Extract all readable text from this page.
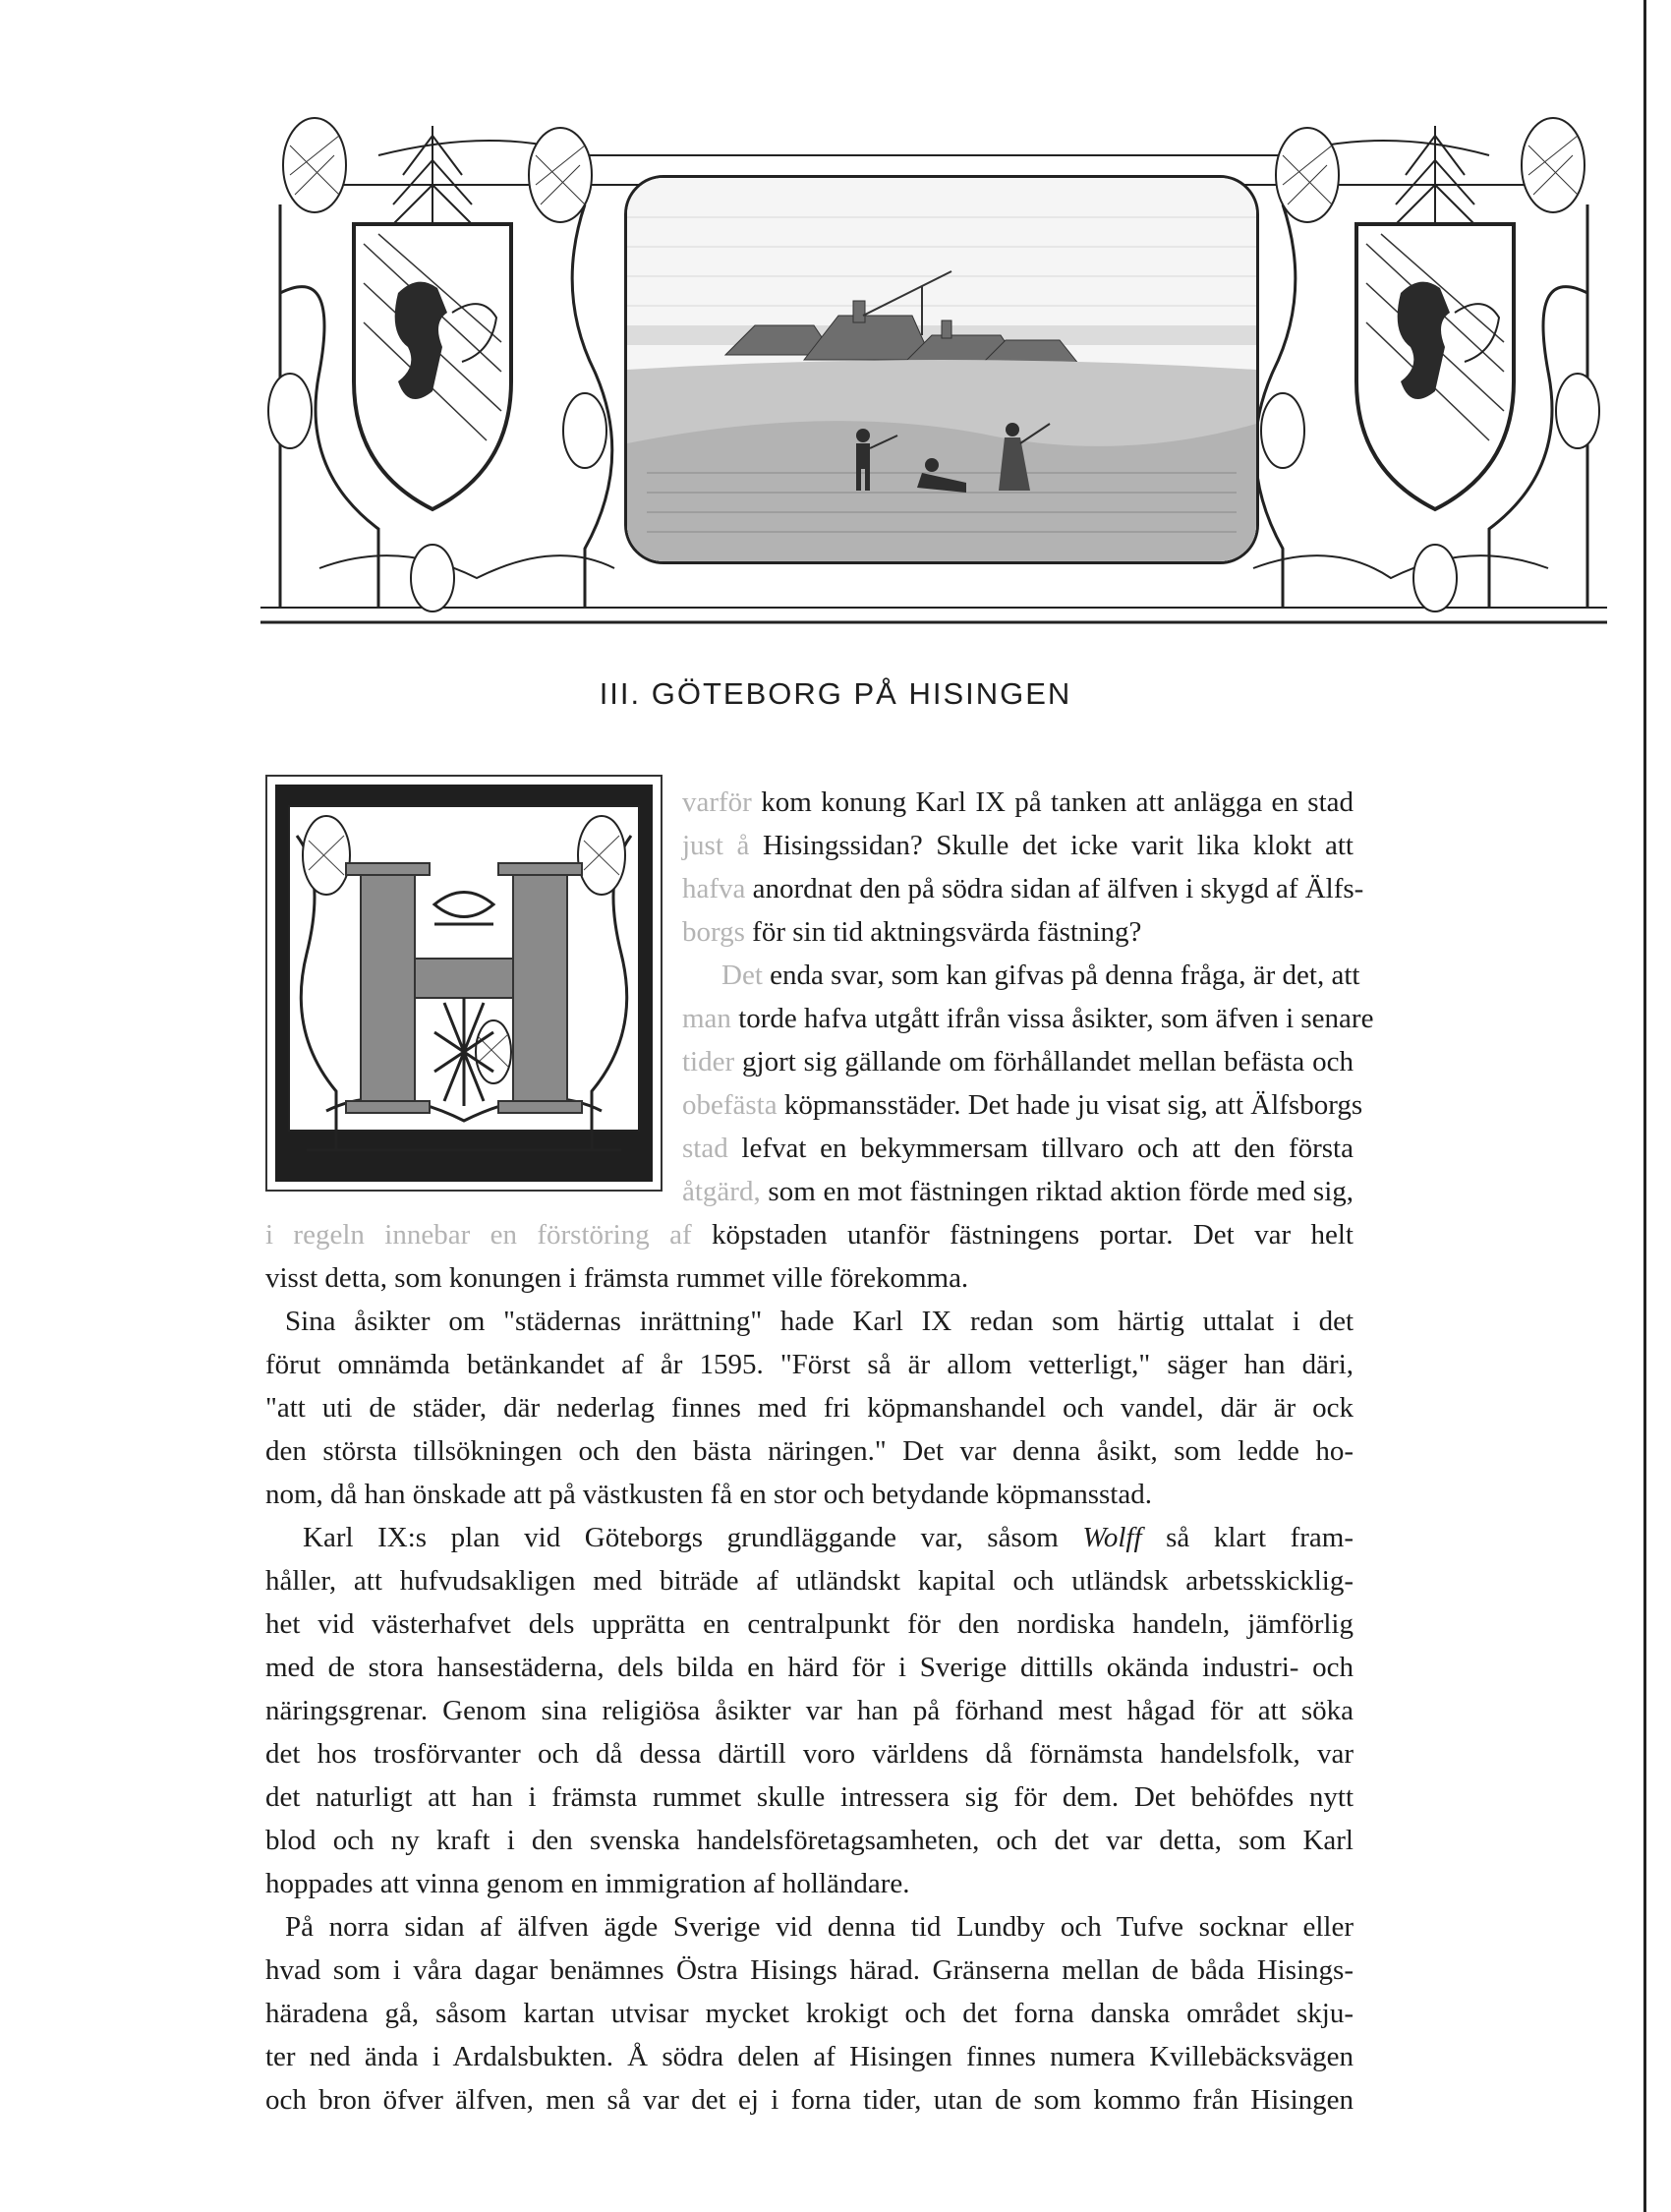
III. GÖTEBORG PÅ HISINGEN
varför kom konung Karl IX på tanken att anlägga en stad
just å Hisingssidan? Skulle det icke varit lika klokt att
hafva anordnat den på södra sidan af älfven i skygd af Älfs-
borgs för sin tid aktningsvärda fästning?
Det enda svar, som kan gifvas på denna fråga, är det, att
man torde hafva utgått ifrån vissa åsikter, som äfven i senare
tider gjort sig gällande om förhållandet mellan befästa och
obefästa köpmansstäder. Det hade ju visat sig, att Älfsborgs
stad lefvat en bekymmersam tillvaro och att den första
åtgärd, som en mot fästningen riktad aktion förde med sig,
i regeln innebar en förstöring af köpstaden utanför fästningens portar. Det var helt
visst detta, som konungen i främsta rummet ville förekomma.
Sina åsikter om "städernas inrättning" hade Karl IX redan som härtig uttalat i det
förut omnämda betänkandet af år 1595. "Först så är allom vetterligt," säger han däri,
"att uti de städer, där nederlag finnes med fri köpmanshandel och vandel, där är ock
den största tillsökningen och den bästa näringen." Det var denna åsikt, som ledde ho-
nom, då han önskade att på västkusten få en stor och betydande köpmansstad.
Karl IX:s plan vid Göteborgs grundläggande var, såsom Wolff så klart fram-
håller, att hufvudsakligen med biträde af utländskt kapital och utländsk arbetsskicklig-
het vid västerhafvet dels upprätta en centralpunkt för den nordiska handeln, jämförlig
med de stora hansestäderna, dels bilda en härd för i Sverige dittills okända industri- och
näringsgrenar. Genom sina religiösa åsikter var han på förhand mest hågad för att söka
det hos trosförvanter och då dessa därtill voro världens då förnämsta handelsfolk, var
det naturligt att han i främsta rummet skulle intressera sig för dem. Det behöfdes nytt
blod och ny kraft i den svenska handelsföretagsamheten, och det var detta, som Karl
hoppades att vinna genom en immigration af holländare.
På norra sidan af älfven ägde Sverige vid denna tid Lundby och Tufve socknar eller
hvad som i våra dagar benämnes Östra Hisings härad. Gränserna mellan de båda Hisings-
häradena gå, såsom kartan utvisar mycket krokigt och det forna danska området skju-
ter ned ända i Ardalsbukten. Å södra delen af Hisingen finnes numera Kvillebäcksvägen
och bron öfver älfven, men så var det ej i forna tider, utan de som kommo från Hisingen
